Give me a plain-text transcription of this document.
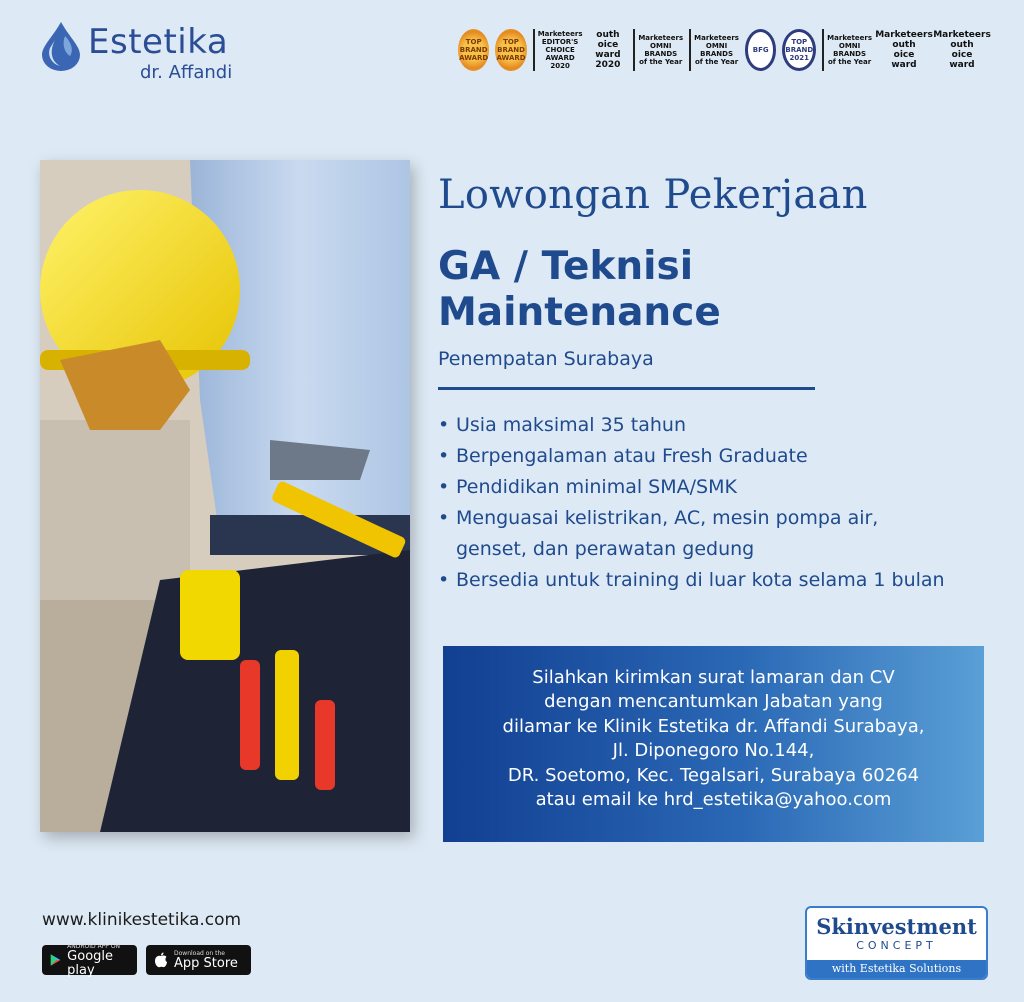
Estetika
dr. Affandi
TOP
BRAND
AWARD
TOP
BRAND
AWARD
Marketeers
EDITOR'S
CHOICE
AWARD
2020
outh
oice
ward
2020
Marketeers
OMNI
BRANDS
of the Year
Marketeers
OMNI
BRANDS
of the Year
BFG
TOP
BRAND
2021
Marketeers
OMNI
BRANDS
of the Year
Marketeers
outh
oice
ward
Marketeers
outh
oice
ward
Lowongan Pekerjaan
GA / Teknisi
Maintenance
Penempatan Surabaya
• Usia maksimal 35 tahun
• Berpengalaman atau Fresh Graduate
• Pendidikan minimal SMA/SMK
• Menguasai kelistrikan, AC, mesin pompa air,
genset, dan perawatan gedung
• Bersedia untuk training di luar kota selama 1 bulan

Silahkan kirimkan surat lamaran dan CV

dengan mencantumkan Jabatan yang

dilamar ke Klinik Estetika dr. Affandi Surabaya,

Jl. Diponegoro No.144,

DR. Soetomo, Kec. Tegalsari, Surabaya 60264

atau email ke hrd_estetika@yahoo.com

www.klinikestetika.com
ANDROID APP ON
Google play
Download on the
App Store
Skinvestment
CONCEPT
with Estetika Solutions
